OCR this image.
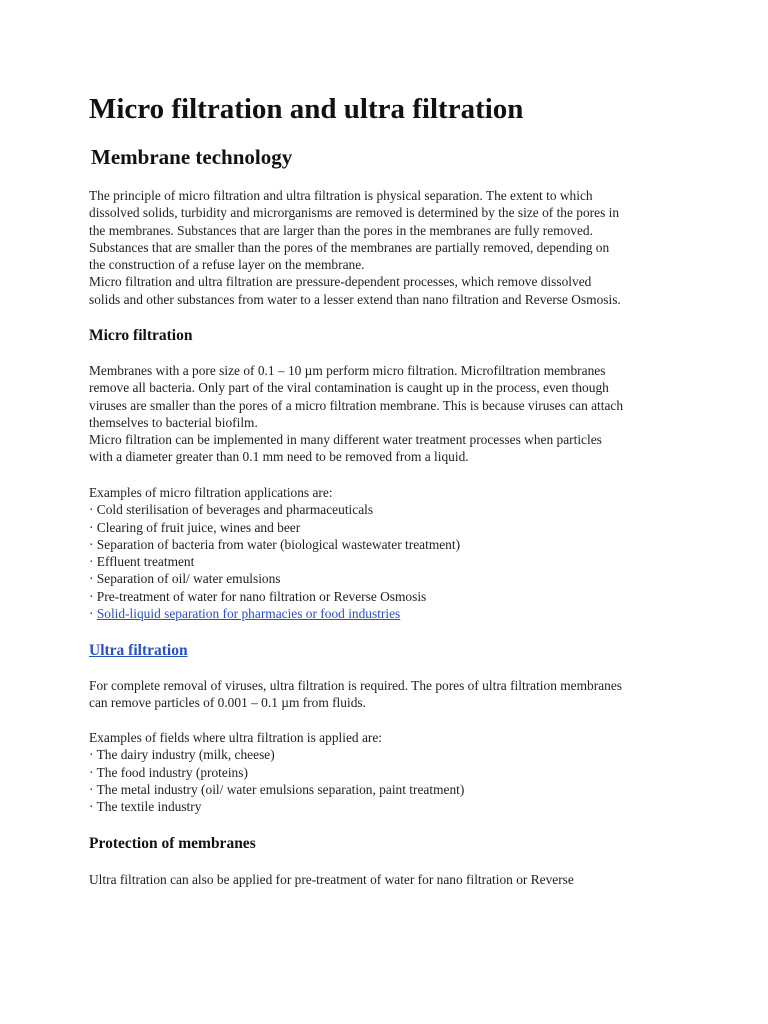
Micro filtration and ultra filtration
Membrane technology
The principle of micro filtration and ultra filtration is physical separation. The extent to which
dissolved solids, turbidity and microrganisms are removed is determined by the size of the pores in
the membranes. Substances that are larger than the pores in the membranes are fully removed.
Substances that are smaller than the pores of the membranes are partially removed, depending on
the construction of a refuse layer on the membrane.
Micro filtration and ultra filtration are pressure-dependent processes, which remove dissolved
solids and other substances from water to a lesser extend than nano filtration and Reverse Osmosis.
Micro filtration
Membranes with a pore size of 0.1 – 10 µm perform micro filtration. Microfiltration membranes
remove all bacteria. Only part of the viral contamination is caught up in the process, even though
viruses are smaller than the pores of a micro filtration membrane. This is because viruses can attach
themselves to bacterial biofilm.
Micro filtration can be implemented in many different water treatment processes when particles
with a diameter greater than 0.1 mm need to be removed from a liquid.
Examples of micro filtration applications are:
· Cold sterilisation of beverages and pharmaceuticals
· Clearing of fruit juice, wines and beer
· Separation of bacteria from water (biological wastewater treatment)
· Effluent treatment
· Separation of oil/ water emulsions
· Pre-treatment of water for nano filtration or Reverse Osmosis
· Solid-liquid separation for pharmacies or food industries
Ultra filtration
For complete removal of viruses, ultra filtration is required. The pores of ultra filtration membranes
can remove particles of 0.001 – 0.1 µm from fluids.
Examples of fields where ultra filtration is applied are:
· The dairy industry (milk, cheese)
· The food industry (proteins)
· The metal industry (oil/ water emulsions separation, paint treatment)
· The textile industry
Protection of membranes
Ultra filtration can also be applied for pre-treatment of water for nano filtration or Reverse
